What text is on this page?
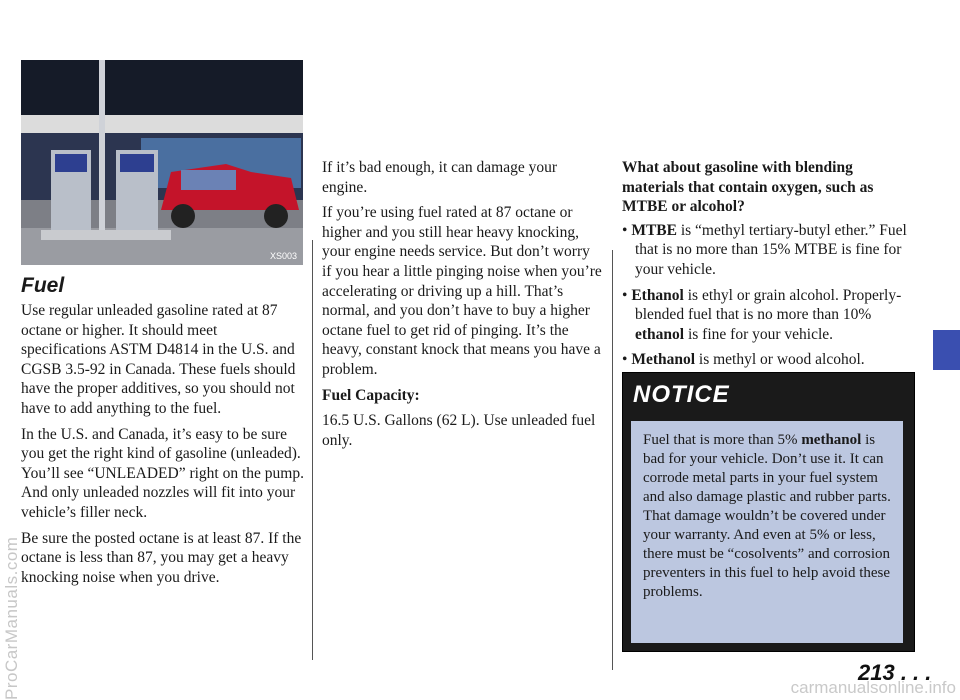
XS003
Fuel

Use regular unleaded gasoline rated at 87 octane or higher. It should meet specifications ASTM D4814 in the U.S. and CGSB 3.5-92 in Canada. These fuels should have the proper additives, so you should not have to add anything to the fuel.

In the U.S. and Canada, it’s easy to be sure you get the right kind of gasoline (unleaded). You’ll see “UNLEADED” right on the pump. And only unleaded nozzles will fit into your vehicle’s filler neck.

Be sure the posted octane is at least 87. If the octane is less than 87, you may get a heavy knocking noise when you drive.

If it’s bad enough, it can damage your engine.

If you’re using fuel rated at 87 octane or higher and you still hear heavy knocking, your engine needs service. But don’t worry if you hear a little pinging noise when you’re accelerating or driving up a hill. That’s normal, and you don’t have to buy a higher octane fuel to get rid of pinging. It’s the heavy, constant knock that means you have a problem.

Fuel Capacity:

16.5 U.S. Gallons (62 L). Use unleaded fuel only.

What about gasoline with blending materials that contain oxygen, such as MTBE or alcohol?

• MTBE is “methyl tertiary-butyl ether.” Fuel that is no more than 15% MTBE is fine for your vehicle.

• Ethanol is ethyl or grain alcohol. Properly-blended fuel that is no more than 10% ethanol is fine for your vehicle.

• Methanol is methyl or wood alcohol.

NOTICE
Fuel that is more than 5% methanol is bad for your vehicle. Don’t use it. It can corrode metal parts in your fuel system and also damage plastic and rubber parts. That damage wouldn’t be covered under your warranty. And even at 5% or less, there must be “cosolvents” and corrosion preventers in this fuel to help avoid these problems.
213 . . .
ProCarManuals.com	carmanualsonline.info
